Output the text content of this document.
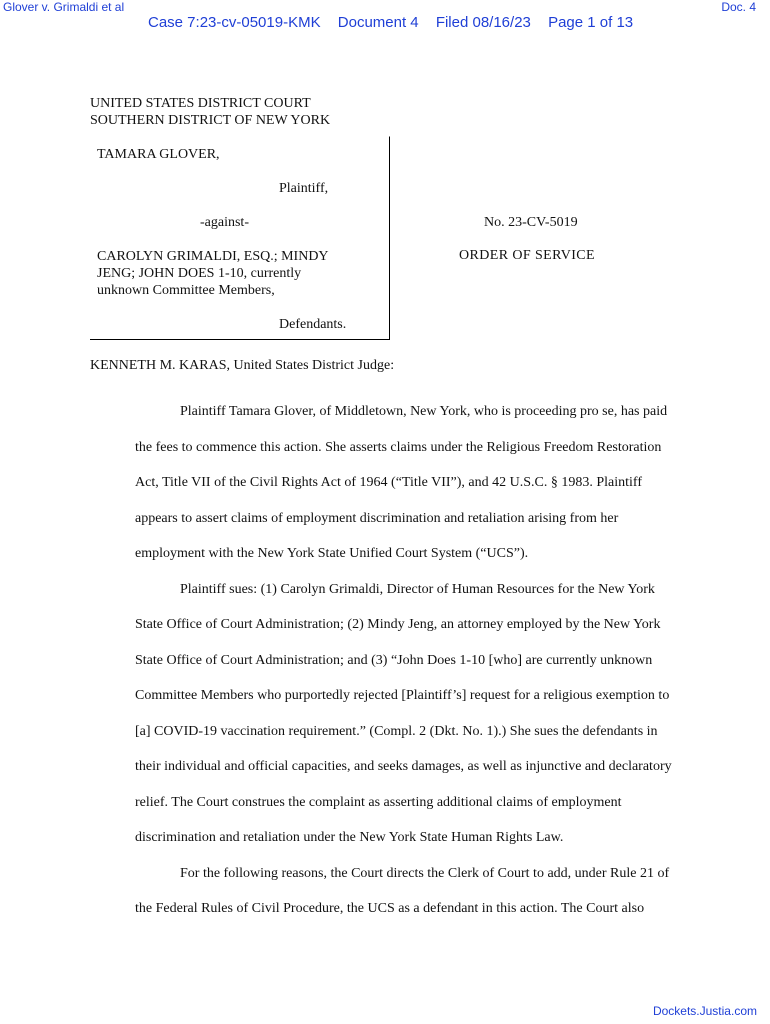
Glover v. Grimaldi et al	Doc. 4
Case 7:23-cv-05019-KMK Document 4 Filed 08/16/23 Page 1 of 13
UNITED STATES DISTRICT COURT
SOUTHERN DISTRICT OF NEW YORK
TAMARA GLOVER,
Plaintiff,
-against-
CAROLYN GRIMALDI, ESQ.; MINDY
JENG; JOHN DOES 1-10, currently
unknown Committee Members,
Defendants.
No. 23-CV-5019
ORDER OF SERVICE
KENNETH M. KARAS, United States District Judge:

Plaintiff Tamara Glover, of Middletown, New York, who is proceeding pro se, has paid
the fees to commence this action. She asserts claims under the Religious Freedom Restoration
Act, Title VII of the Civil Rights Act of 1964 (“Title VII”), and 42 U.S.C. § 1983. Plaintiff
appears to assert claims of employment discrimination and retaliation arising from her
employment with the New York State Unified Court System (“UCS”).

Plaintiff sues: (1) Carolyn Grimaldi, Director of Human Resources for the New York
State Office of Court Administration; (2) Mindy Jeng, an attorney employed by the New York
State Office of Court Administration; and (3) “John Does 1-10 [who] are currently unknown
Committee Members who purportedly rejected [Plaintiff’s] request for a religious exemption to
[a] COVID-19 vaccination requirement.” (Compl. 2 (Dkt. No. 1).) She sues the defendants in
their individual and official capacities, and seeks damages, as well as injunctive and declaratory
relief. The Court construes the complaint as asserting additional claims of employment
discrimination and retaliation under the New York State Human Rights Law.

For the following reasons, the Court directs the Clerk of Court to add, under Rule 21 of
the Federal Rules of Civil Procedure, the UCS as a defendant in this action. The Court also

Dockets.Justia.com
